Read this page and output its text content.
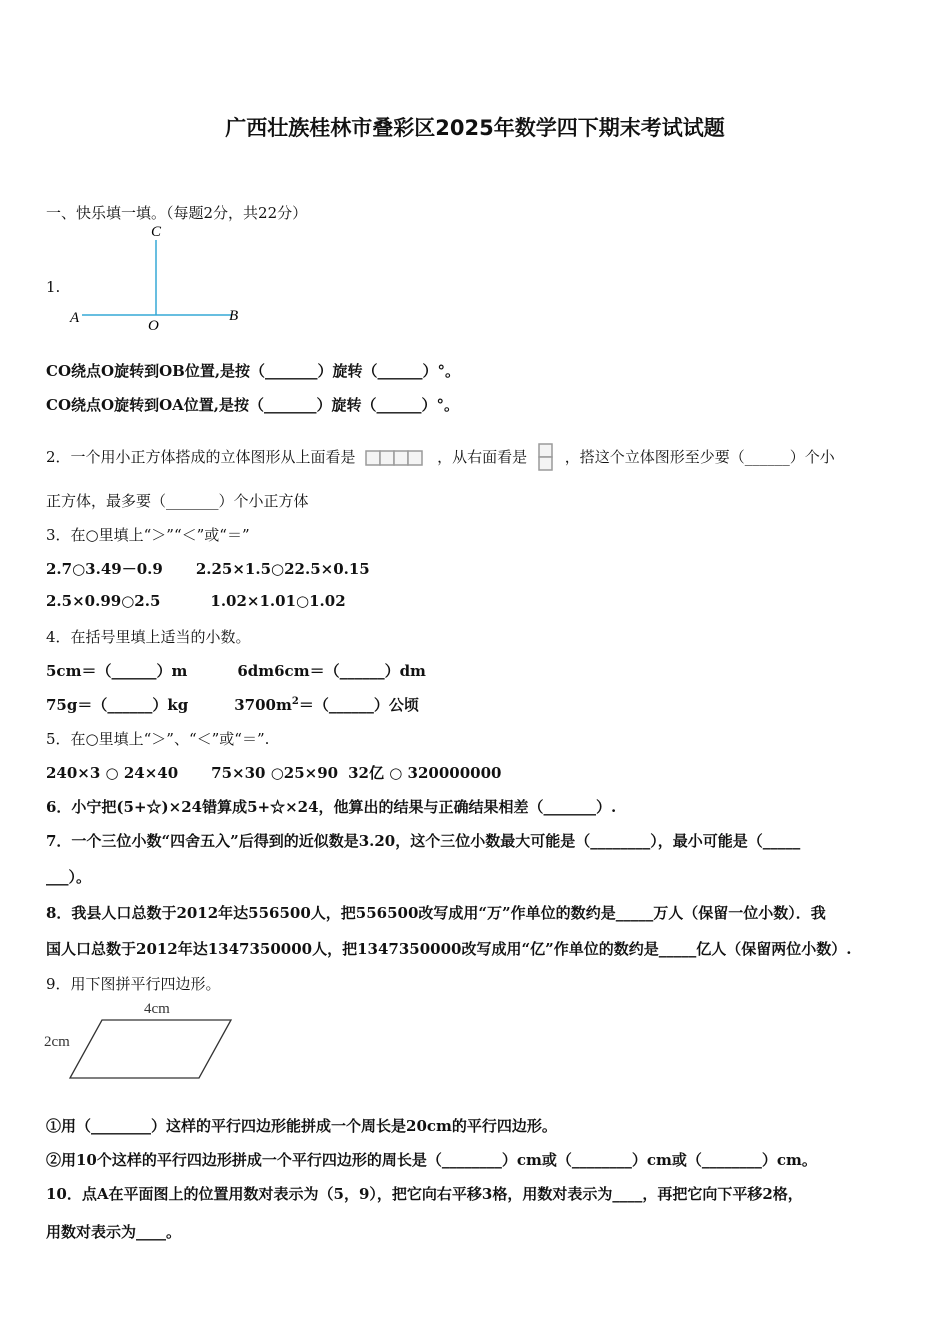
广西壮族桂林市叠彩区2025年数学四下期末考试试题
一、快乐填一填。（每题2分，共22分）
1.
C
A	O
B
CO绕点O旋转到OB位置,是按（_______）旋转（______）°。
CO绕点O旋转到OA位置,是按（_______）旋转（______）°。
2．一个用小正方体搭成的立体图形从上面看是	，从右面看是	，搭这个立体图形至少要（______）个小
正方体，最多要（_______）个小正方体
3．在○里填上“＞”“＜”或“＝”
2.7○3.49－0.9 2.25×1.5○22.5×0.15
2.5×0.99○2.5	1.02×1.01○1.02
4．在括号里填上适当的小数。
5cm＝（______）m	6dm6cm＝（______）dm
75g＝（______）kg	$3700m^2=(\_\_\_\_\_\_)$公顷
5．在○里填上“＞”、“＜”或“＝”.
240×3 ○ 24×40 75×30 ○25×90 32亿 ○ 320000000
6．小宁把(5+☆)×24错算成5+☆×24，他算出的结果与正确结果相差（_______）.
7．一个三位小数“四舍五入”后得到的近似数是3.20，这个三位小数最大可能是（________），最小可能是（_____
___）。
8．我县人口总数于2012年达556500人，把556500改写成用“万”作单位的数约是_____万人（保留一位小数）．我
国人口总数于2012年达1347350000人，把1347350000改写成用“亿”作单位的数约是_____亿人（保留两位小数）.
9．用下图拼平行四边形。
4cm
2cm
①用（________）这样的平行四边形能拼成一个周长是20cm的平行四边形。
②用10个这样的平行四边形拼成一个平行四边形的周长是（________）cm或（________）cm或（________）cm。
10．点A在平面图上的位置用数对表示为（5，9），把它向右平移3格，用数对表示为____，再把它向下平移2格，
用数对表示为____。
